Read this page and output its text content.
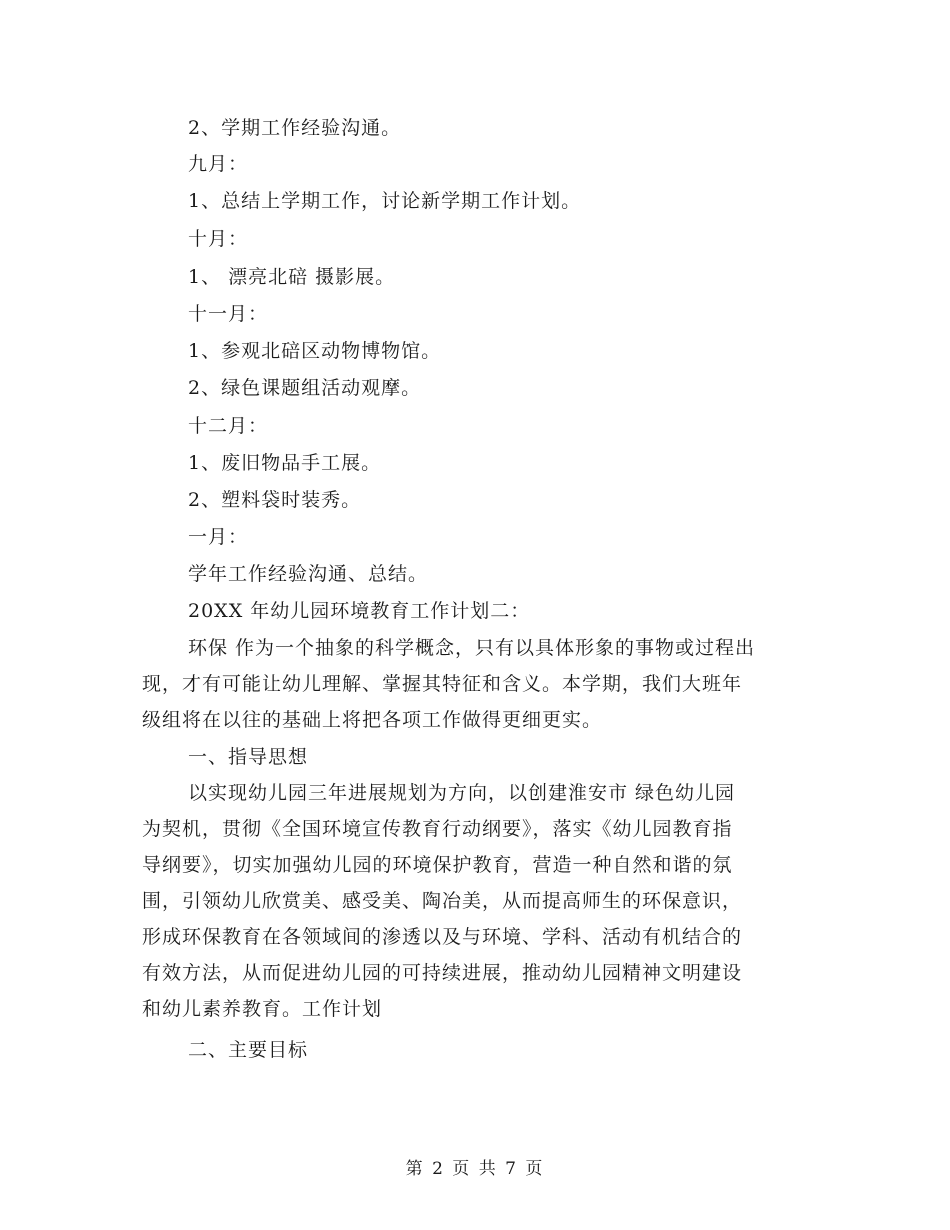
2、学期工作经验沟通。
九月：
1、总结上学期工作，讨论新学期工作计划。
十月：
1、 漂亮北碚 摄影展。
十一月：
1、参观北碚区动物博物馆。
2、绿色课题组活动观摩。
十二月：
1、废旧物品手工展。
2、塑料袋时装秀。
一月：
学年工作经验沟通、总结。
20XX 年幼儿园环境教育工作计划二：
环保 作为一个抽象的科学概念，只有以具体形象的事物或过程出
现，才有可能让幼儿理解、掌握其特征和含义。本学期，我们大班年
级组将在以往的基础上将把各项工作做得更细更实。
一、指导思想
以实现幼儿园三年进展规划为方向，以创建淮安市 绿色幼儿园
为契机，贯彻《全国环境宣传教育行动纲要》，落实《幼儿园教育指
导纲要》，切实加强幼儿园的环境保护教育，营造一种自然和谐的氛
围，引领幼儿欣赏美、感受美、陶冶美，从而提高师生的环保意识，
形成环保教育在各领域间的渗透以及与环境、学科、活动有机结合的
有效方法，从而促进幼儿园的可持续进展，推动幼儿园精神文明建设
和幼儿素养教育。工作计划
二、主要目标
第 2 页 共 7 页
